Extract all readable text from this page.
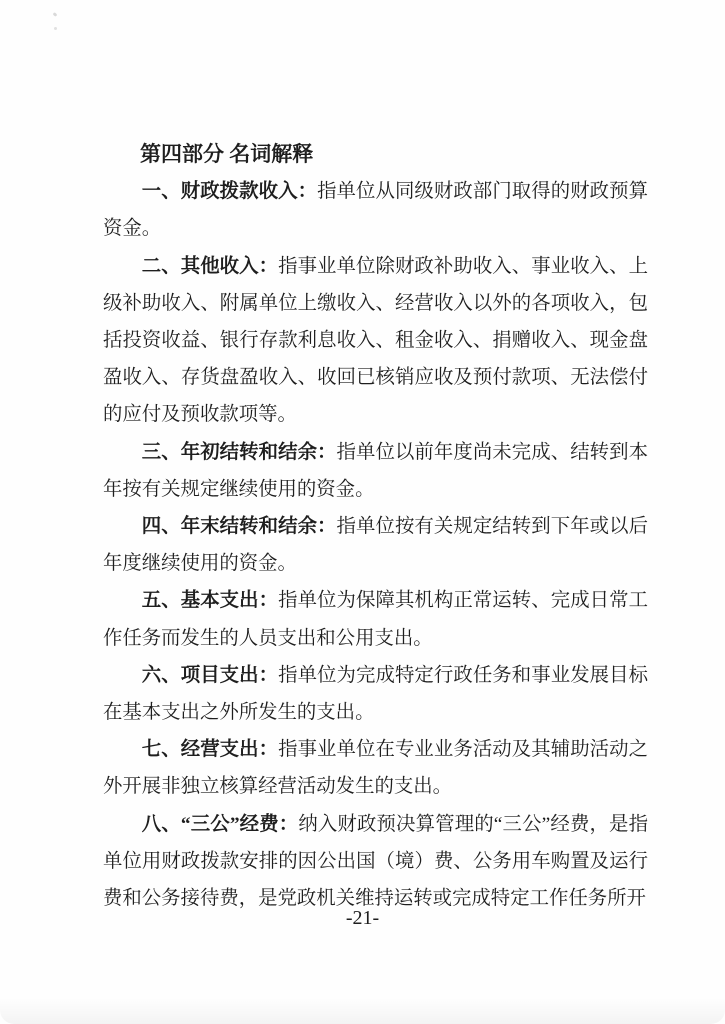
第四部分 名词解释

一、财政拨款收入：指单位从同级财政部门取得的财政预算资金。

二、其他收入：指事业单位除财政补助收入、事业收入、上级补助收入、附属单位上缴收入、经营收入以外的各项收入，包括投资收益、银行存款利息收入、租金收入、捐赠收入、现金盘盈收入、存货盘盈收入、收回已核销应收及预付款项、无法偿付的应付及预收款项等。

三、年初结转和结余：指单位以前年度尚未完成、结转到本年按有关规定继续使用的资金。

四、年末结转和结余：指单位按有关规定结转到下年或以后年度继续使用的资金。

五、基本支出：指单位为保障其机构正常运转、完成日常工作任务而发生的人员支出和公用支出。

六、项目支出：指单位为完成特定行政任务和事业发展目标在基本支出之外所发生的支出。

七、经营支出：指事业单位在专业业务活动及其辅助活动之外开展非独立核算经营活动发生的支出。

八、“三公”经费：纳入财政预决算管理的“三公”经费，是指单位用财政拨款安排的因公出国（境）费、公务用车购置及运行费和公务接待费，是党政机关维持运转或完成特定工作任务所开

-21-
